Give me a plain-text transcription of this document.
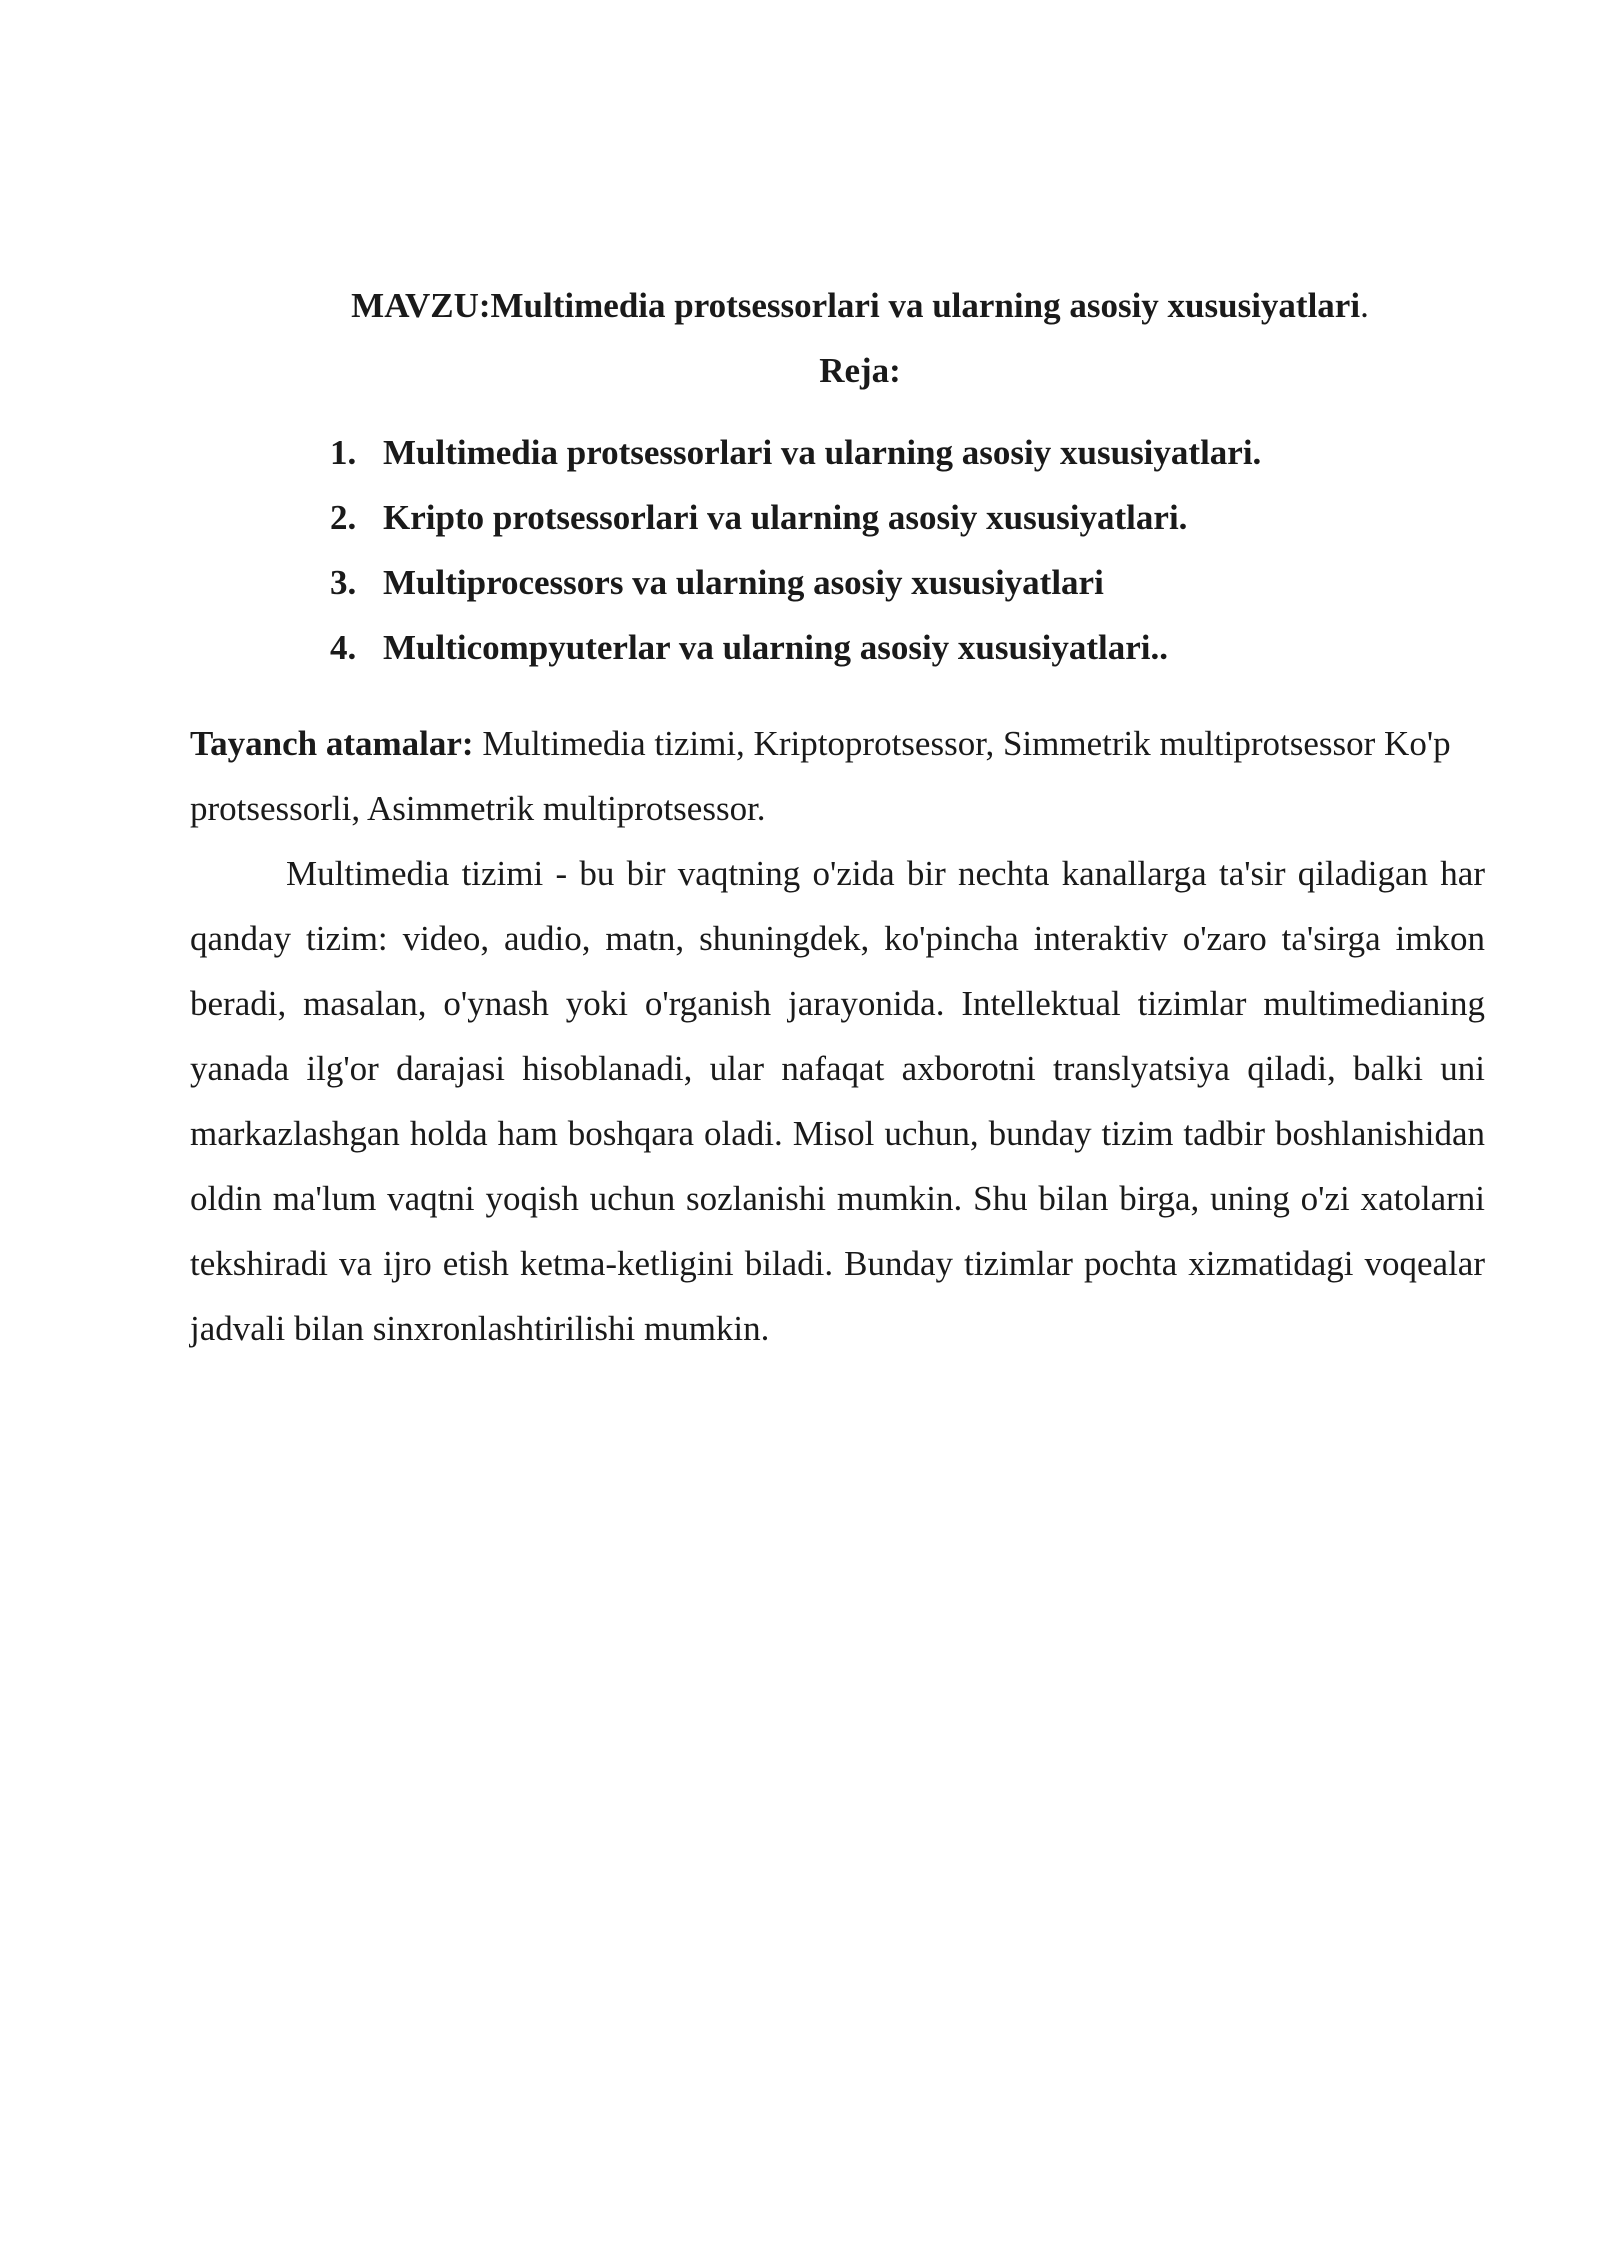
MAVZU:Multimedia protsessorlari va ularning asosiy xususiyatlari.
Reja:
1. Multimedia protsessorlari va ularning asosiy xususiyatlari.
2. Kripto protsessorlari va ularning asosiy xususiyatlari.
3. Multiprocessors va ularning asosiy xususiyatlari
4. Multicompyuterlar va ularning asosiy xususiyatlari..
Tayanch atamalar: Multimedia tizimi, Kriptoprotsessor, Simmetrik multiprotsessor Ko'p protsessorli, Asimmetrik multiprotsessor.

Multimedia tizimi - bu bir vaqtning o'zida bir nechta kanallarga ta'sir qiladigan har qanday tizim: video, audio, matn, shuningdek, ko'pincha interaktiv o'zaro ta'sirga imkon beradi, masalan, o'ynash yoki o'rganish jarayonida. Intellektual tizimlar multimedianing yanada ilg'or darajasi hisoblanadi, ular nafaqat axborotni translyatsiya qiladi, balki uni markazlashgan holda ham boshqara oladi. Misol uchun, bunday tizim tadbir boshlanishidan oldin ma'lum vaqtni yoqish uchun sozlanishi mumkin. Shu bilan birga, uning o'zi xatolarni tekshiradi va ijro etish ketma-ketligini biladi. Bunday tizimlar pochta xizmatidagi voqealar jadvali bilan sinxronlashtirilishi mumkin.
